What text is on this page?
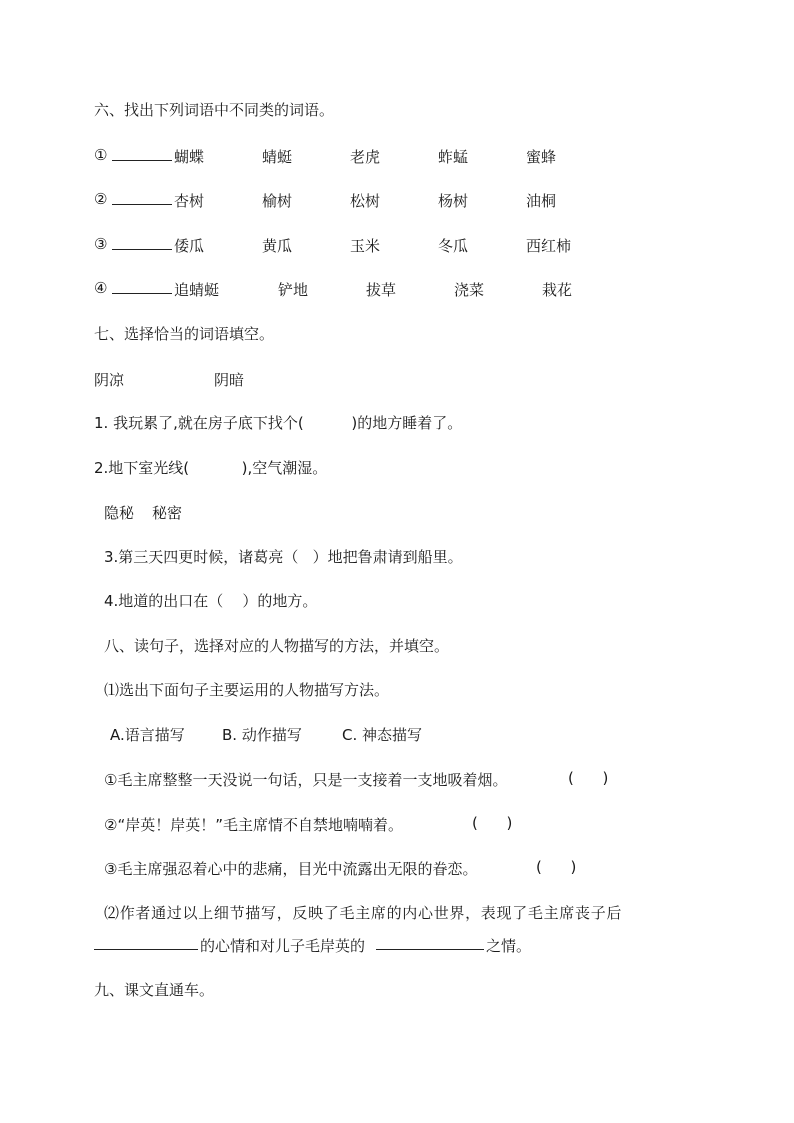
六、找出下列词语中不同类的词语。
①	蝴蝶	蜻蜓	老虎	蚱蜢	蜜蜂
②	杏树	榆树	松树	杨树	油桐
③	倭瓜	黄瓜	玉米	冬瓜	西红柿
④	追蜻蜓	铲地	拔草	浇菜	栽花
七、选择恰当的词语填空。
阴凉	阴暗
1. 我玩累了,就在房子底下找个(          )的地方睡着了。
2.地下室光线(           ),空气潮湿。
隐秘 秘密
3.第三天四更时候，诸葛亮（   ）地把鲁肃请到船里。
4.地道的出口在（    ）的地方。
八、读句子，选择对应的人物描写的方法，并填空。
⑴选出下面句子主要运用的人物描写方法。
A.语言描写 B. 动作描写	C. 神态描写
①毛主席整整一天没说一句话，只是一支接着一支地吸着烟。	(      )
②“岸英！岸英！”毛主席情不自禁地喃喃着。	(      )
③毛主席强忍着心中的悲痛，目光中流露出无限的眷恋。	(      )
⑵作者通过以上细节描写，反映了毛主席的内心世界，表现了毛主席丧子后
的心情和对儿子毛岸英的	之情。
九、课文直通车。
